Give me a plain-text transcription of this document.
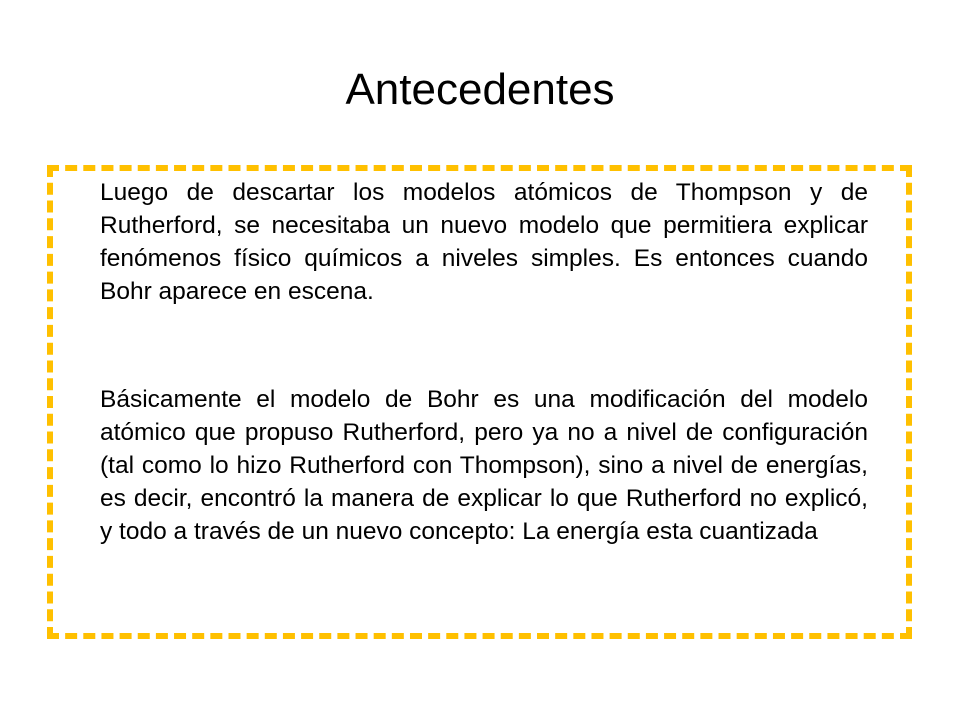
Antecedentes

Luego de descartar los modelos atómicos de Thompson y de Rutherford, se necesitaba un nuevo modelo que permitiera explicar fenómenos físico químicos a niveles simples. Es entonces cuando Bohr aparece en escena.

Básicamente el modelo de Bohr es una modificación del modelo atómico que propuso Rutherford, pero ya no a nivel de configuración (tal como lo hizo Rutherford con Thompson), sino a nivel de energías, es decir, encontró la manera de explicar lo que Rutherford no explicó, y todo a través de un nuevo concepto: La energía esta cuantizada
